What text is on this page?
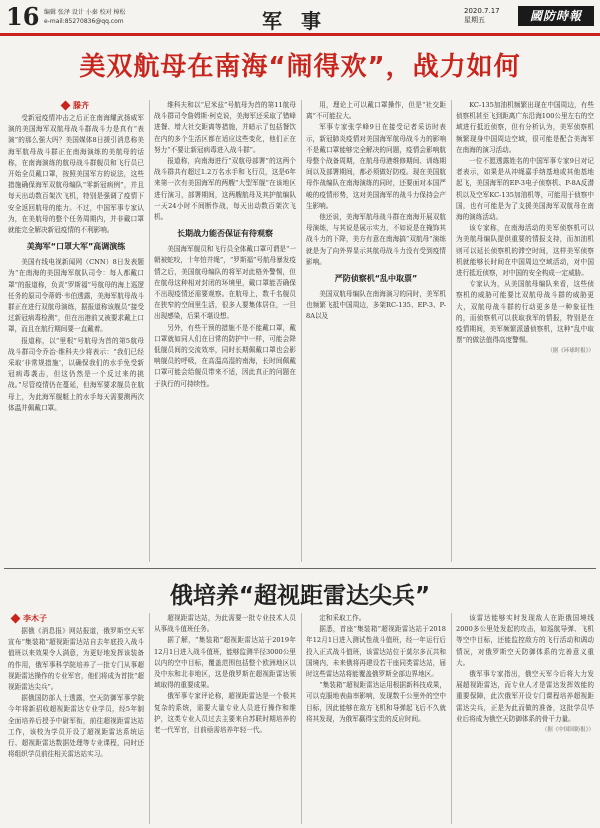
16 编辑 张泽 设计 小秦 校对 樟松
e-mail:85270836@qq.com	军 事	2020.7.17
星期五	國防時報
美双航母在南海“闹得欢”，战力如何
滕齐

受新冠疫情冲击之后正在南海耀武扬威军演的美国海军双航母战斗群战斗力是真有“表演”的那么强大吗？美国媒体8日援引消息称美海军航母战斗群正在南海演练的美航母的话称，在南海演练的航母战斗群舰员和飞行员已开始全员戴口罩，按照美国军方的说法，这些措施确保海军双航母编队“零新冠病例”，并且每天出动数百架次飞机，特别是强调了疫情下安全返回航母的能力。不过，中国军事专家认为，在美航母的整个任务周期内，并非戴口罩就能完全解决新冠疫情的不利影响。

美海军“口罩大军”高调演练

美国有线电视新闻网（CNN）8日发表题为“在南海的美国海军航队司令：每人都戴口罩”的报道称，负责“罗斯福”号航母的海上巡逻任务的原司令蒂姆·韦伯透露，美海军航母战斗群正在进行双航母演练，据报道称该舰员“接受过新冠病毒检测”，但在出港前又被要求戴上口罩，而且在航行期间要一直戴着。

报道称，以“里根”号航母为首的第5航母战斗群司令乔治·维科夫少将表示：“我们已经采取‘非常规措施’，以确保我们的水手免受新冠病毒袭击，但这仍然是一个反过来的挑战。”尽管疫情仍在蔓延，但海军要求舰员在航母上，为此海军舰艇上的水手每天需要测两次体温并佩戴口罩。

维科夫和以“尼米兹”号航母为首的第11航母战斗群司令詹姆斯·柯克说，美海军还采取了错峰进餐、增大社交距离等措施，并暗示了包括餐饮在内的多个生活区都在适应这些变化，他们正在努力“不要让新冠病毒进入战斗群”。

报道称，向南海进行“双航母部署”的这两个战斗群共有超过1.2万名水手和飞行员，这是6年来第一次有美国海军的两艘“大型军舰”在该地区进行演习，部署期间，这两艘航母及其护航编队一天24小时不间断作战，每天出动数百架次飞机。

长期战力能否保证有待观察

美国海军舰员和飞行员全体戴口罩可谓是“一朝被蛇咬，十年怕井绳”，“罗斯福”号航母暴发疫情之后，美国航母编队的将军对此格外警惕，但在航母这种相对封闭的环境里，戴口罩能否确保不出现疫情还需要观察。在航母上，数千名舰员在狭窄的空间里生活，很多人要集体居住，一旦出现感染，后果不堪设想。

另外，有些干预的措施不是不能戴口罩，戴口罩就如同人们在日常的防护中一样，可能会降低舰员间的交流效率，同时长期佩戴口罩也会影响舰员的呼吸，在高温高湿的南海，长时间佩戴口罩可能会给舰员带来不适，因此真正的问题在于执行的可持续性。

用，理论上可以戴口罩操作，但是“社交距离”不可能拉大。

军事专家张学峰9日在接受记者采访时表示，新冠肺炎疫情对美国海军航母战斗力的影响不是戴口罩能够完全解决的问题，疫情会影响航母整个战备周期，在航母母港维修期间、训练期间以及部署期间，都必须做好防疫。现在美国航母作战编队在南海演练的同时，还要面对本国严峻的疫情形势，这对美国海军的战斗力保持会产生影响。

他还说，美海军航母战斗群在南海开展双航母演练，与其说是展示实力，不如说是在掩饰其战斗力的下降，美方有意在南海搞“双航母”演练就是为了向外界显示其航母战斗力没有受到疫情影响。

严防侦察机“乱中取票”

美国双航母编队在南海演习的同时，美军机也频繁飞抵中国周边，多架RC-135、EP-3、P-8A以及

KC-135加油机频繁出现在中国周边，有些侦察机甚至飞到距离广东沿海100公里左右的空域进行抵近侦察，但有分析认为，美军侦察机频繁现身中国周边空域，很可能是配合美海军在南海的演习活动。

一位不愿透露姓名的中国军事专家9日对记者表示，如果是从冲绳嘉手纳基地或其他基地起飞，美国海军的EP-3电子侦察机、P-8A反潜机以及空军KC-135加油机等，可能用于侦察中国，也有可能是为了支援美国海军双航母在南海的演练活动。

该专家称，在南海活动的美军侦察机可以为美航母编队提供重要的情报支持，而加油机则可以延长侦察机的滞空时间，这样美军侦察机就能够长时间在中国周边空域活动，对中国进行抵近侦察，对中国的安全构成一定威胁。

专家认为，从美国航母编队来看，这些侦察机的威胁可能要比双航母战斗群的威胁更大，双航母战斗群的行动更多是一种象征性的，而侦察机可以获取我军的情报，特别是在疫情期间，美军频繁派遣侦察机，这种“乱中取票”的做法值得高度警惕。

（据《环球时报》）

俄培养“超视距雷达尖兵”
李木子

据俄《消息报》网站报道，俄罗斯空天军宣布“集装箱”超视距雷达站自去年底投入战斗值班以来效果令人满意，为更好地发挥该装备的作用，俄军事科学院培养了一批专门从事超视距雷达操作的专业军官，他们将成为首批“超视距雷达尖兵”。

据俄国防部人士透露，空天防御军事学院今年将新招收超视距雷达专业学员，经5年制全面培养后授予中尉军衔，前往超视距雷达站工作，该校为学员开设了超视距雷达系统运行、超视距雷达数据处理等专业课程，同时还将组织学员前往相关雷达站实习。

超视距雷达站，为此需要一批专业技术人员从事战斗值班任务。

据了解，“集装箱”超视距雷达站于2019年12月1日进入战斗值班，能够监测半径3000公里以内的空中目标，覆盖范围包括整个欧洲地区以及中东和北非地区，这是俄罗斯在超视距雷达领域取得的重要成果。

俄军事专家评论称，超视距雷达是一个极其复杂的系统，需要大量专业人员进行操作和维护，这类专业人员过去主要来自苏联时期培养的老一代军官，目前亟需培养年轻一代。

定和采取工作。

据悉，首座“集装箱”超视距雷达站于2018年12月1日进入测试性战斗值班，经一年运行后投入正式战斗值班，该雷达站位于莫尔多瓦共和国境内，未来俄将再建设若干座同类雷达站，届时这些雷达站将能覆盖俄罗斯全部边界地区。

“集装箱”超视距雷达运用根据新科技成果，可以克服地表曲率影响，发现数千公里外的空中目标，因此能够在敌方飞机和导弹起飞后不久就将其发现，为俄军赢得宝贵的反应时间。

该雷达能够实时发现敌人在距俄国境线2000多公里处发起的攻击，如巡航导弹、飞机等空中目标，还能监控敌方的飞行活动和调动情况，对俄罗斯空天防御体系的完善意义重大。

俄军事专家指出，俄空天军今后将大力发展超视距雷达，而专业人才是雷达发挥效能的重要保障，此次俄军开设专门课程培养超视距雷达尖兵，正是为此而做的准备，这批学员毕业后将成为俄空天防御体系的骨干力量。

（据《中国国防报》）
